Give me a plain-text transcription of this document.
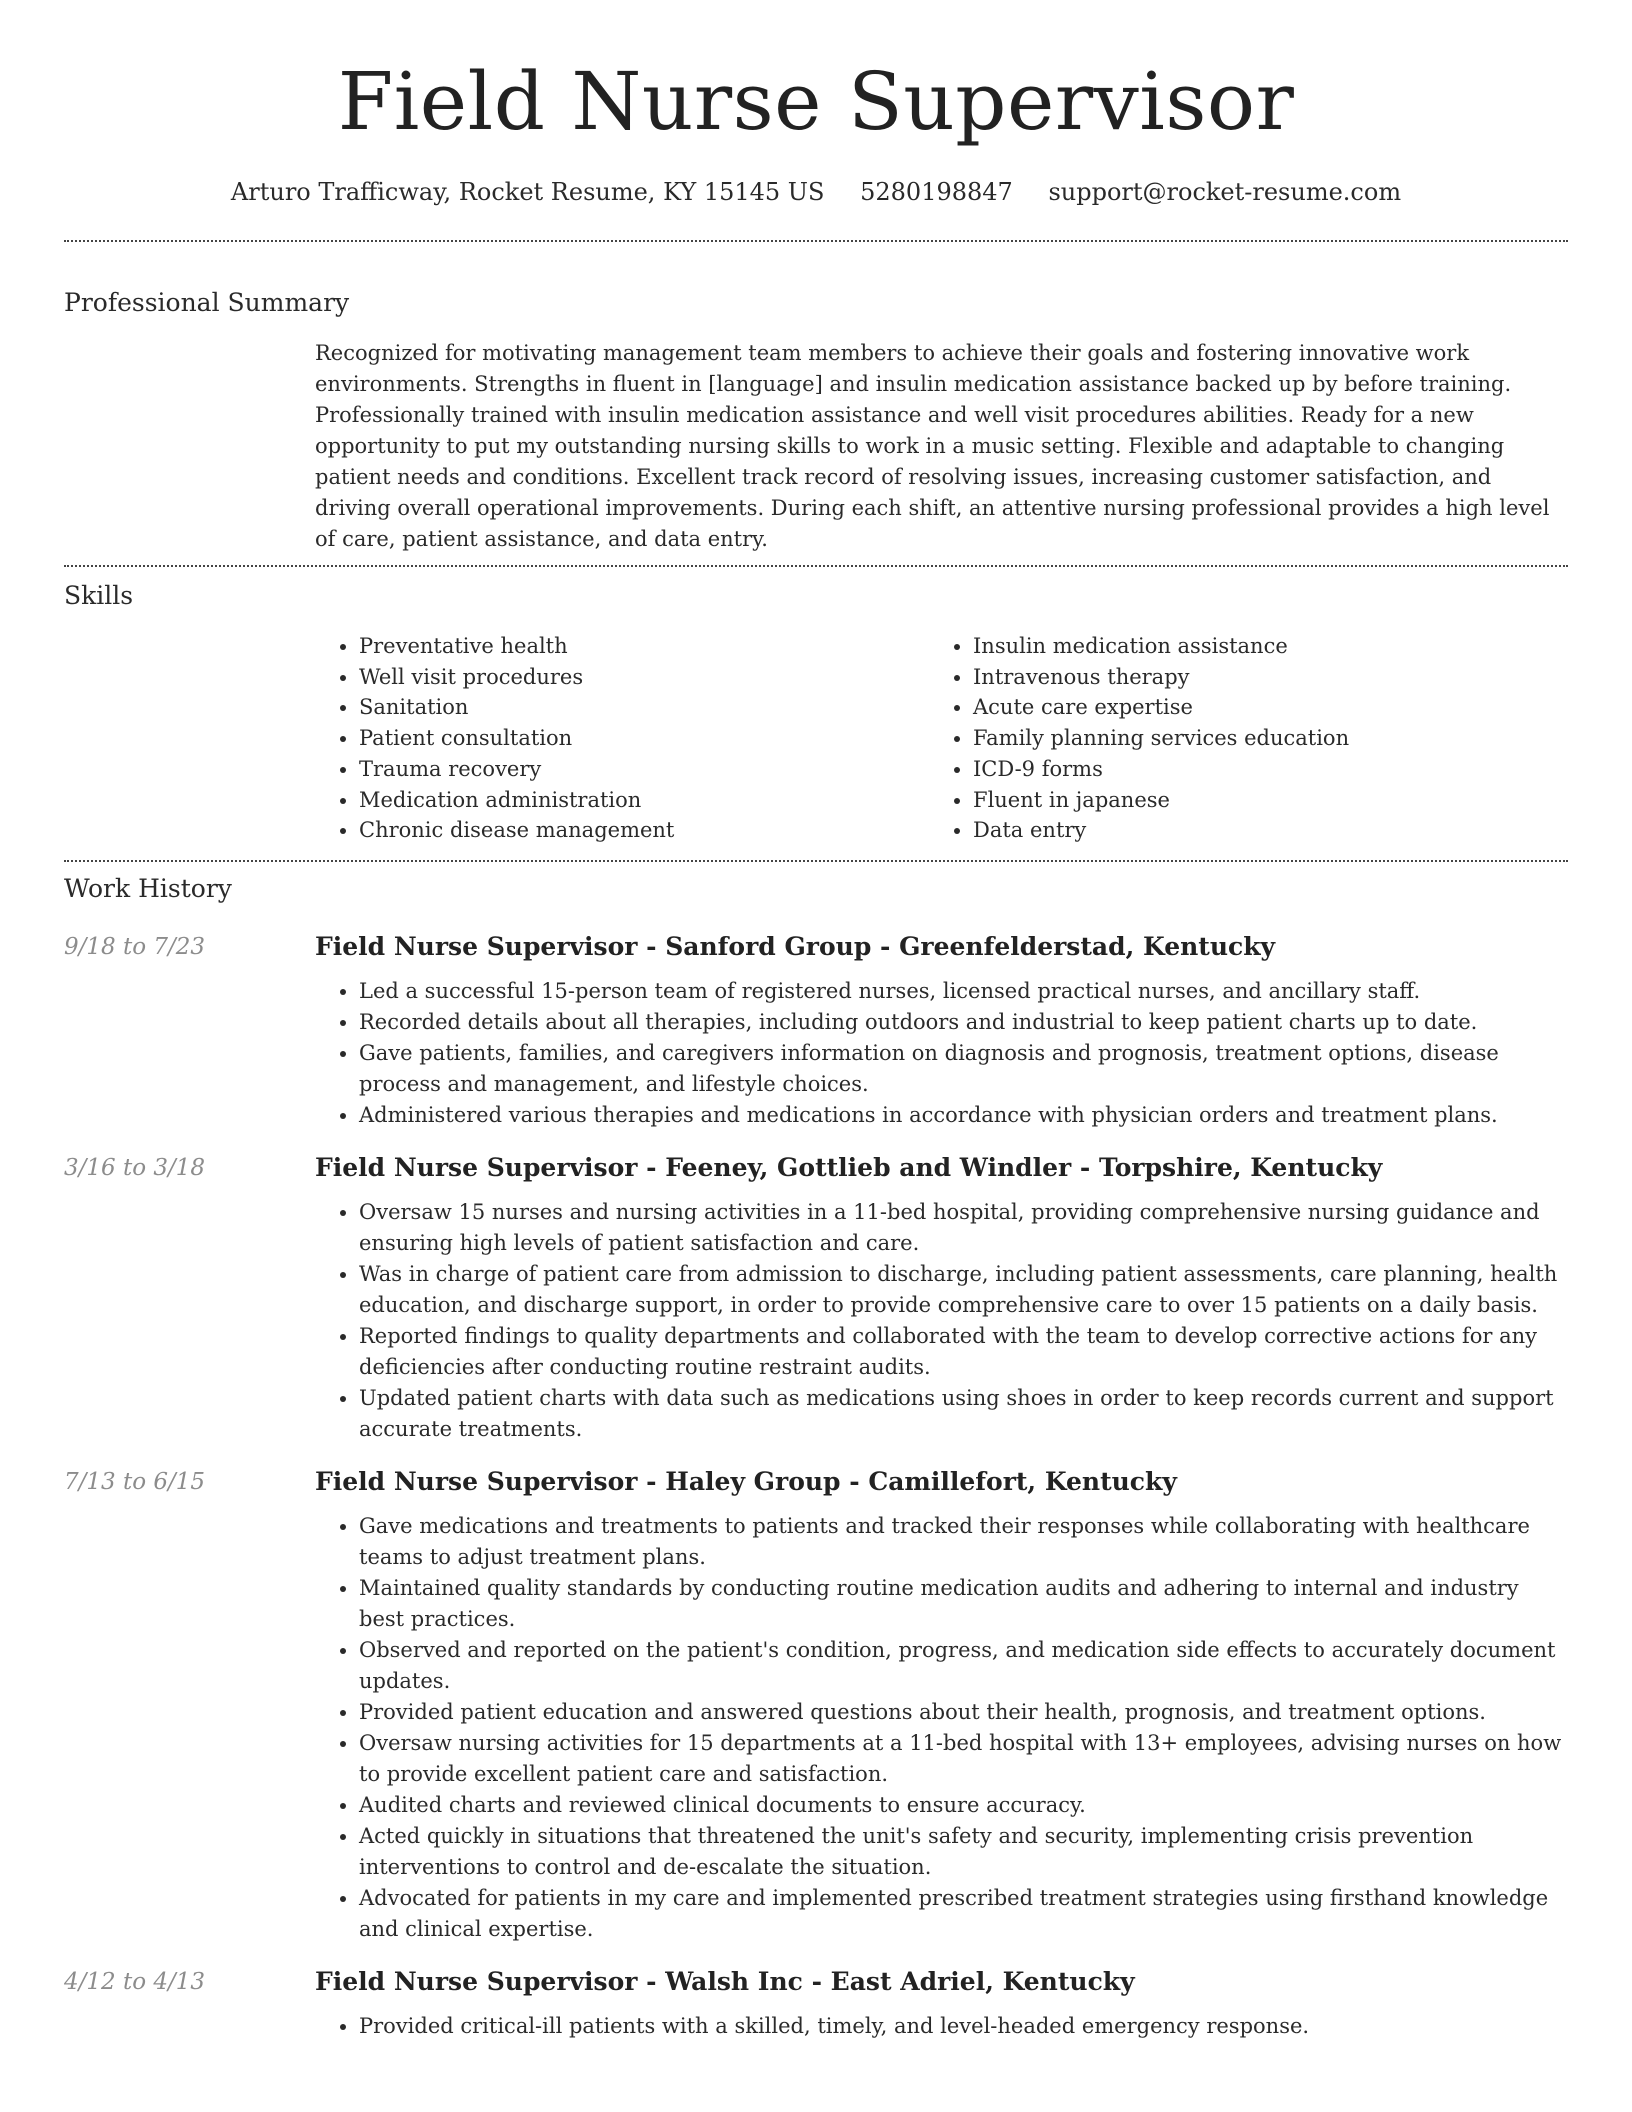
Field Nurse Supervisor
Arturo Trafficway, Rocket Resume, KY 15145 US 5280198847 support@rocket-resume.com
Professional Summary

Recognized for motivating management team members to achieve their goals and fostering innovative work environments. Strengths in fluent in [language] and insulin medication assistance backed up by before training. Professionally trained with insulin medication assistance and well visit procedures abilities. Ready for a new opportunity to put my outstanding nursing skills to work in a music setting. Flexible and adaptable to changing patient needs and conditions. Excellent track record of resolving issues, increasing customer satisfaction, and driving overall operational improvements. During each shift, an attentive nursing professional provides a high level of care, patient assistance, and data entry.

Skills
• Preventative health
• Well visit procedures
• Sanitation
• Patient consultation
• Trauma recovery
• Medication administration
• Chronic disease management
• Insulin medication assistance
• Intravenous therapy
• Acute care expertise
• Family planning services education
• ICD-9 forms
• Fluent in japanese
• Data entry
Work History
9/18 to 7/23	Field Nurse Supervisor - Sanford Group - Greenfelderstad, Kentucky
• Led a successful 15-person team of registered nurses, licensed practical nurses, and ancillary staff.
• Recorded details about all therapies, including outdoors and industrial to keep patient charts up to date.
• Gave patients, families, and caregivers information on diagnosis and prognosis, treatment options, disease process and management, and lifestyle choices.
• Administered various therapies and medications in accordance with physician orders and treatment plans.
3/16 to 3/18	Field Nurse Supervisor - Feeney, Gottlieb and Windler - Torpshire, Kentucky
• Oversaw 15 nurses and nursing activities in a 11-bed hospital, providing comprehensive nursing guidance and ensuring high levels of patient satisfaction and care.
• Was in charge of patient care from admission to discharge, including patient assessments, care planning, health education, and discharge support, in order to provide comprehensive care to over 15 patients on a daily basis.
• Reported findings to quality departments and collaborated with the team to develop corrective actions for any deficiencies after conducting routine restraint audits.
• Updated patient charts with data such as medications using shoes in order to keep records current and support accurate treatments.
7/13 to 6/15	Field Nurse Supervisor - Haley Group - Camillefort, Kentucky
• Gave medications and treatments to patients and tracked their responses while collaborating with healthcare teams to adjust treatment plans.
• Maintained quality standards by conducting routine medication audits and adhering to internal and industry best practices.
• Observed and reported on the patient's condition, progress, and medication side effects to accurately document updates.
• Provided patient education and answered questions about their health, prognosis, and treatment options.
• Oversaw nursing activities for 15 departments at a 11-bed hospital with 13+ employees, advising nurses on how to provide excellent patient care and satisfaction.
• Audited charts and reviewed clinical documents to ensure accuracy.
• Acted quickly in situations that threatened the unit's safety and security, implementing crisis prevention interventions to control and de-escalate the situation.
• Advocated for patients in my care and implemented prescribed treatment strategies using firsthand knowledge and clinical expertise.
4/12 to 4/13	Field Nurse Supervisor - Walsh Inc - East Adriel, Kentucky
• Provided critical-ill patients with a skilled, timely, and level-headed emergency response.
